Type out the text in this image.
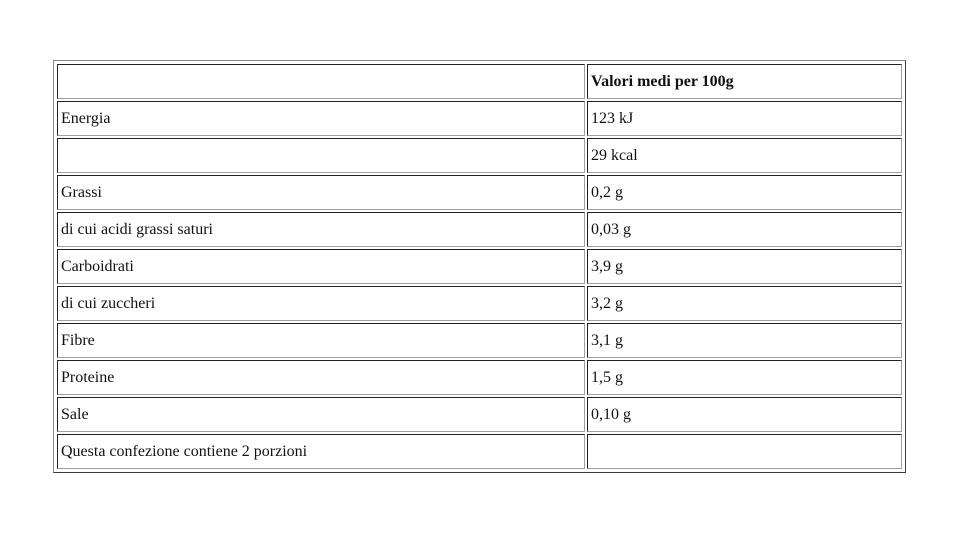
	Valori medi per 100g
Energia	123 kJ
	29 kcal
Grassi	0,2 g
di cui acidi grassi saturi	0,03 g
Carboidrati	3,9 g
di cui zuccheri	3,2 g
Fibre	3,1 g
Proteine	1,5 g
Sale	0,10 g
Questa confezione contiene 2 porzioni	
